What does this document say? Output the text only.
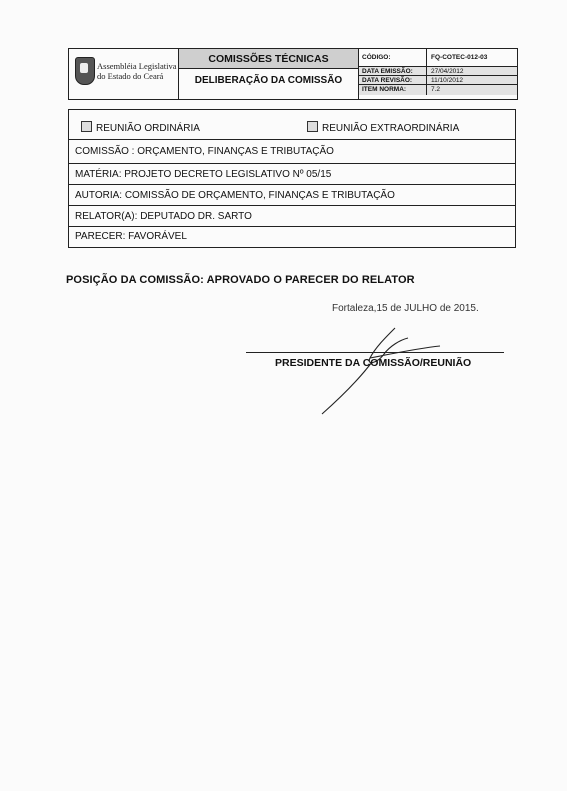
Assembléia Legislativa
do Estado do Ceará
COMISSÕES TÉCNICAS
DELIBERAÇÃO DA COMISSÃO
CÓDIGO:	FQ-COTEC-012-03
DATA EMISSÃO:	27/04/2012
DATA REVISÃO:	11/10/2012
ITEM NORMA:	7.2
REUNIÃO ORDINÁRIA	REUNIÃO EXTRAORDINÁRIA
COMISSÃO : ORÇAMENTO, FINANÇAS E TRIBUTAÇÃO
MATÉRIA: PROJETO DECRETO LEGISLATIVO Nº 05/15
AUTORIA: COMISSÃO DE ORÇAMENTO, FINANÇAS E TRIBUTAÇÃO
RELATOR(A): DEPUTADO DR. SARTO
PARECER: FAVORÁVEL
POSIÇÃO DA COMISSÃO: APROVADO O PARECER DO RELATOR
Fortaleza,15 de JULHO de 2015.
PRESIDENTE DA COMISSÃO/REUNIÃO
